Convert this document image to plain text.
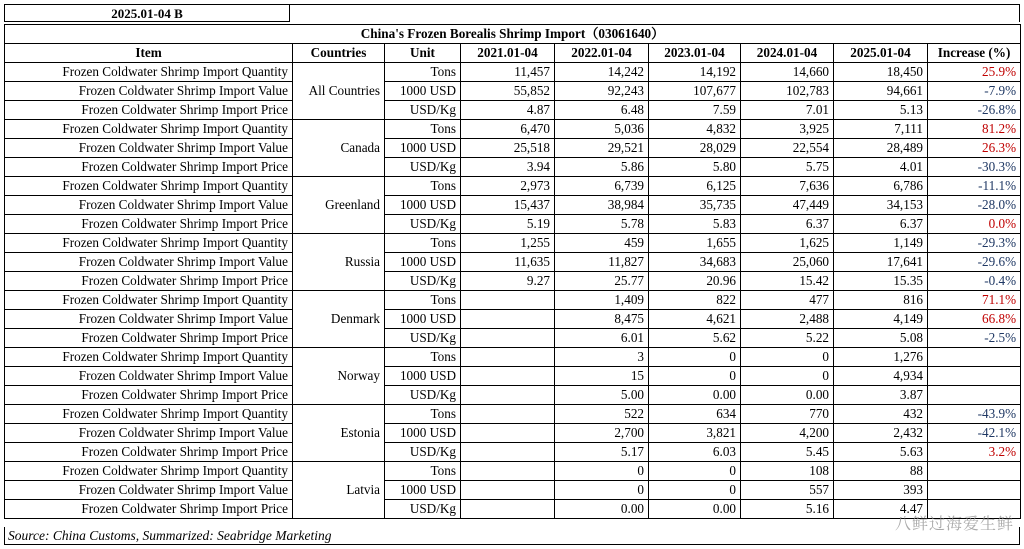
2025.01-04 B
China's Frozen Borealis Shrimp Import（03061640）								
Item	Countries	Unit	2021.01-04	2022.01-04	2023.01-04	2024.01-04	2025.01-04	Increase (%)
Frozen Coldwater Shrimp Import Quantity	All Countries	Tons	11,457	14,242	14,192	14,660	18,450	25.9%
Frozen Coldwater Shrimp Import Value		1000 USD	55,852	92,243	107,677	102,783	94,661	-7.9%
Frozen Coldwater Shrimp Import Price		USD/Kg	4.87	6.48	7.59	7.01	5.13	-26.8%
Frozen Coldwater Shrimp Import Quantity	Canada	Tons	6,470	5,036	4,832	3,925	7,111	81.2%
Frozen Coldwater Shrimp Import Value		1000 USD	25,518	29,521	28,029	22,554	28,489	26.3%
Frozen Coldwater Shrimp Import Price		USD/Kg	3.94	5.86	5.80	5.75	4.01	-30.3%
Frozen Coldwater Shrimp Import Quantity	Greenland	Tons	2,973	6,739	6,125	7,636	6,786	-11.1%
Frozen Coldwater Shrimp Import Value		1000 USD	15,437	38,984	35,735	47,449	34,153	-28.0%
Frozen Coldwater Shrimp Import Price		USD/Kg	5.19	5.78	5.83	6.37	6.37	0.0%
Frozen Coldwater Shrimp Import Quantity	Russia	Tons	1,255	459	1,655	1,625	1,149	-29.3%
Frozen Coldwater Shrimp Import Value		1000 USD	11,635	11,827	34,683	25,060	17,641	-29.6%
Frozen Coldwater Shrimp Import Price		USD/Kg	9.27	25.77	20.96	15.42	15.35	-0.4%
Frozen Coldwater Shrimp Import Quantity	Denmark	Tons		1,409	822	477	816	71.1%
Frozen Coldwater Shrimp Import Value		1000 USD		8,475	4,621	2,488	4,149	66.8%
Frozen Coldwater Shrimp Import Price		USD/Kg		6.01	5.62	5.22	5.08	-2.5%
Frozen Coldwater Shrimp Import Quantity	Norway	Tons		3	0	0	1,276	
Frozen Coldwater Shrimp Import Value		1000 USD		15	0	0	4,934	
Frozen Coldwater Shrimp Import Price		USD/Kg		5.00	0.00	0.00	3.87	
Frozen Coldwater Shrimp Import Quantity	Estonia	Tons		522	634	770	432	-43.9%
Frozen Coldwater Shrimp Import Value		1000 USD		2,700	3,821	4,200	2,432	-42.1%
Frozen Coldwater Shrimp Import Price		USD/Kg		5.17	6.03	5.45	5.63	3.2%
Frozen Coldwater Shrimp Import Quantity	Latvia	Tons		0	0	108	88	
Frozen Coldwater Shrimp Import Value		1000 USD		0	0	557	393	
Frozen Coldwater Shrimp Import Price		USD/Kg		0.00	0.00	5.16	4.47	
Source: China Customs, Summarized: Seabridge Marketing
八鲜过海爱生鲜
